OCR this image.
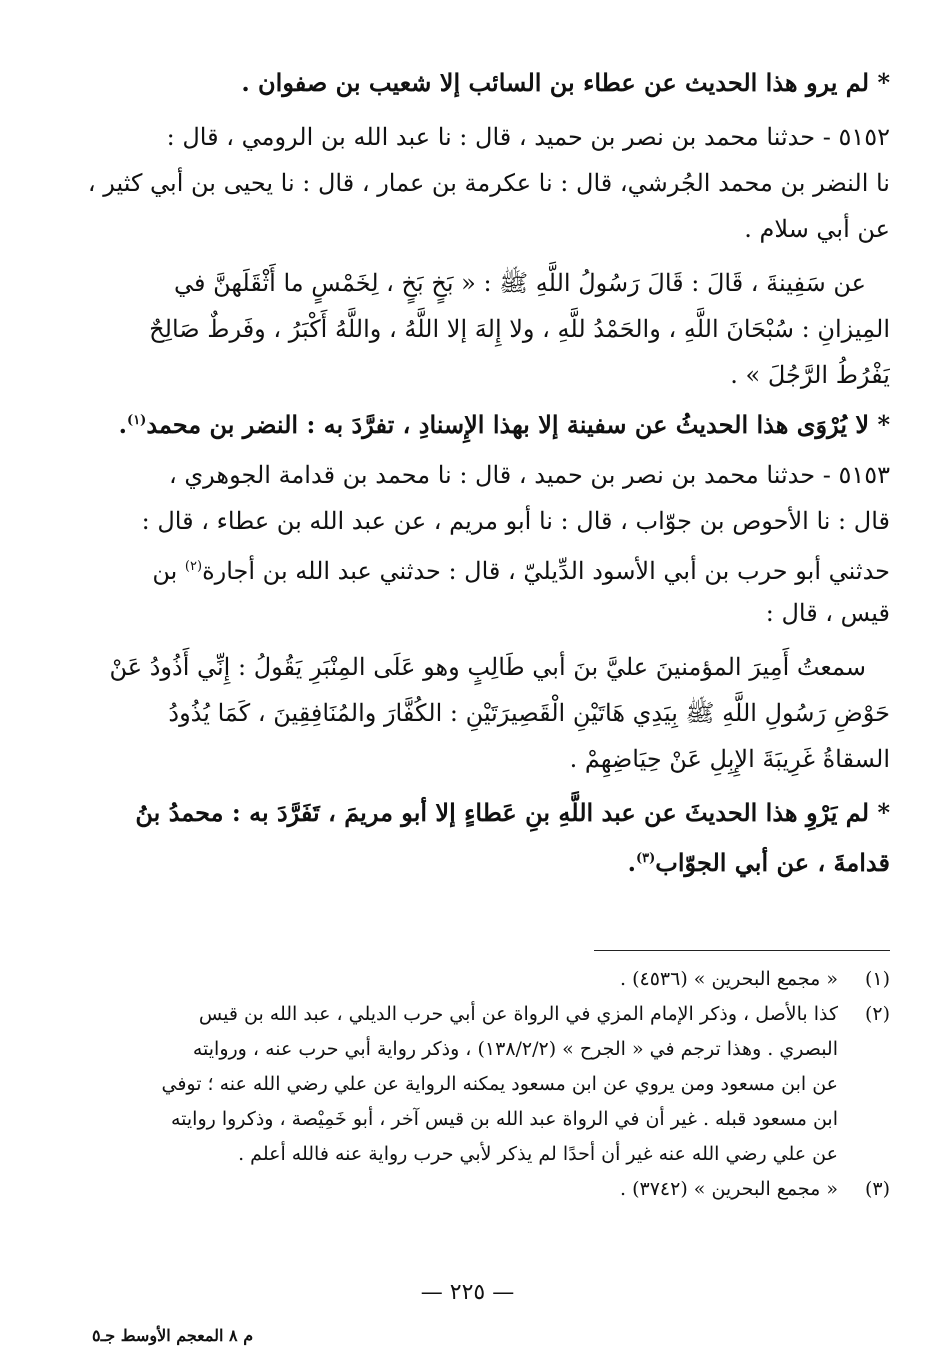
* لم يرو هذا الحديث عن عطاء بن السائب إلا شعيب بن صفوان .
٥١٥٢ - حدثنا محمد بن نصر بن حميد ، قال : نا عبد الله بن الرومي ، قال :
نا النضر بن محمد الجُرشي، قال : نا عكرمة بن عمار ، قال : نا يحيى بن أبي كثير ،
عن أبي سلام .
عن سَفِينةَ ، قَالَ : قَالَ رَسُولُ اللَّهِ ﷺ : « بَخٍ بَخٍ ، لِخَمْسٍ ما أَثْقَلَهنَّ في
المِيزانِ : سُبْحَانَ اللَّهِ ، والحَمْدُ للَّهِ ، ولا إِلهَ إلا اللَّهُ ، واللَّهُ أَكْبَرُ ، وفَرطٌ صَالِحٌ
يَفْرُطُ الرَّجُلَ » .
* لا يُرْوَى هذا الحديثُ عن سفينة إلا بهذا الإِسنادِ ، تفرَّدَ به : النضر بن محمد$^{(١)}$.
٥١٥٣ - حدثنا محمد بن نصر بن حميد ، قال : نا محمد بن قدامة الجوهري ،
قال : نا الأحوص بن جوّاب ، قال : نا أبو مريم ، عن عبد الله بن عطاء ، قال :
حدثني أبو حرب بن أبي الأسود الدِّيليّ ، قال : حدثني عبد الله بن أجارة$^{(٢)}$ بن
قيس ، قال :
سمعتُ أَمِيرَ المؤمنينَ عليَّ بنَ أبي طَالِبٍ وهو عَلَى المِنْبَرِ يَقُولُ : إِنِّي أَذُودُ عَنْ
حَوْضِ رَسُولِ اللَّهِ ﷺ بِيَدِي هَاتَيْنِ الْقَصِيرَتَيْنِ : الكُفَّارَ والمُنَافِقِينَ ، كَمَا يُذُودُ
السقاةُ غَرِيبَةَ الإِبِلِ عَنْ حِيَاضِهِمْ .
* لم يَرْوِ هذا الحديثَ عن عبد اللَّهِ بنِ عَطاءٍ إلا أبو مريمَ ، تَفَرَّدَ به : محمدُ بنُ
قدامةَ ، عن أبي الجوّاب$^{(٣)}$.
(١)
« مجمع البحرين » (٤٥٣٦) .
(٢)
كذا بالأصل ، وذكر الإمام المزي في الرواة عن أبي حرب الديلي ، عبد الله بن قيس
البصري . وهذا ترجم في « الجرح » (١٣٨/٢/٢) ، وذكر رواية أبي حرب عنه ، وروايته
عن ابن مسعود ومن يروي عن ابن مسعود يمكنه الرواية عن علي رضي الله عنه ؛ توفي
ابن مسعود قبله . غير أن في الرواة عبد الله بن قيس آخر ، أبو خَمِيْصة ، وذكروا روايته
عن علي رضي الله عنه غير أن أحدًا لم يذكر لأبي حرب رواية عنه فالله أعلم .
(٣)
« مجمع البحرين » (٣٧٤٢) .
— ٢٢٥ —
م ٨ المعجم الأوسط جـ٥
